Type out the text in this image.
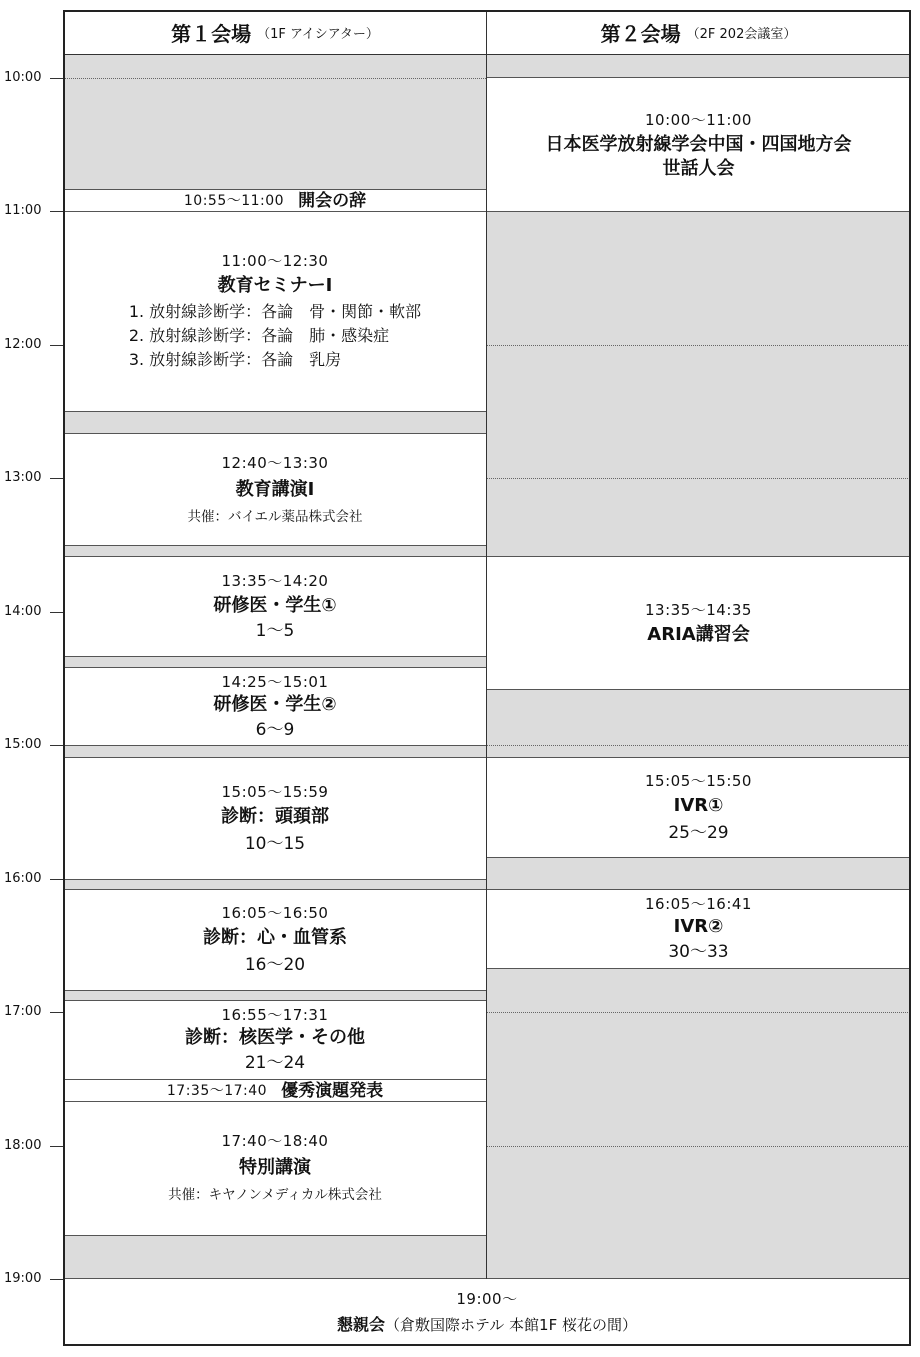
第１会場 （1F アイシアター）	第２会場 （2F 202会議室）
10:55〜11:00 開会の辞
11:00〜12:30
教育セミナーⅠ
1. 放射線診断学：各論　骨・関節・軟部
2. 放射線診断学：各論　肺・感染症
3. 放射線診断学：各論　乳房
12:40〜13:30
教育講演Ⅰ
共催：バイエル薬品株式会社
13:35〜14:20
研修医・学生①
1〜5
14:25〜15:01
研修医・学生②
6〜9
15:05〜15:59
診断：頭頚部
10〜15
16:05〜16:50
診断：心・血管系
16〜20
16:55〜17:31
診断：核医学・その他
21〜24
17:35〜17:40 優秀演題発表
17:40〜18:40
特別講演
共催：キヤノンメディカル株式会社
10:00〜11:00
日本医学放射線学会中国・四国地方会
世話人会
13:35〜14:35
ARIA講習会
15:05〜15:50
IVR①
25〜29
16:05〜16:41
IVR②
30〜33
19:00〜
懇親会（倉敷国際ホテル 本館1F 桜花の間）
10:00
11:00
12:00
13:00
14:00
15:00
16:00
17:00
18:00
19:00
